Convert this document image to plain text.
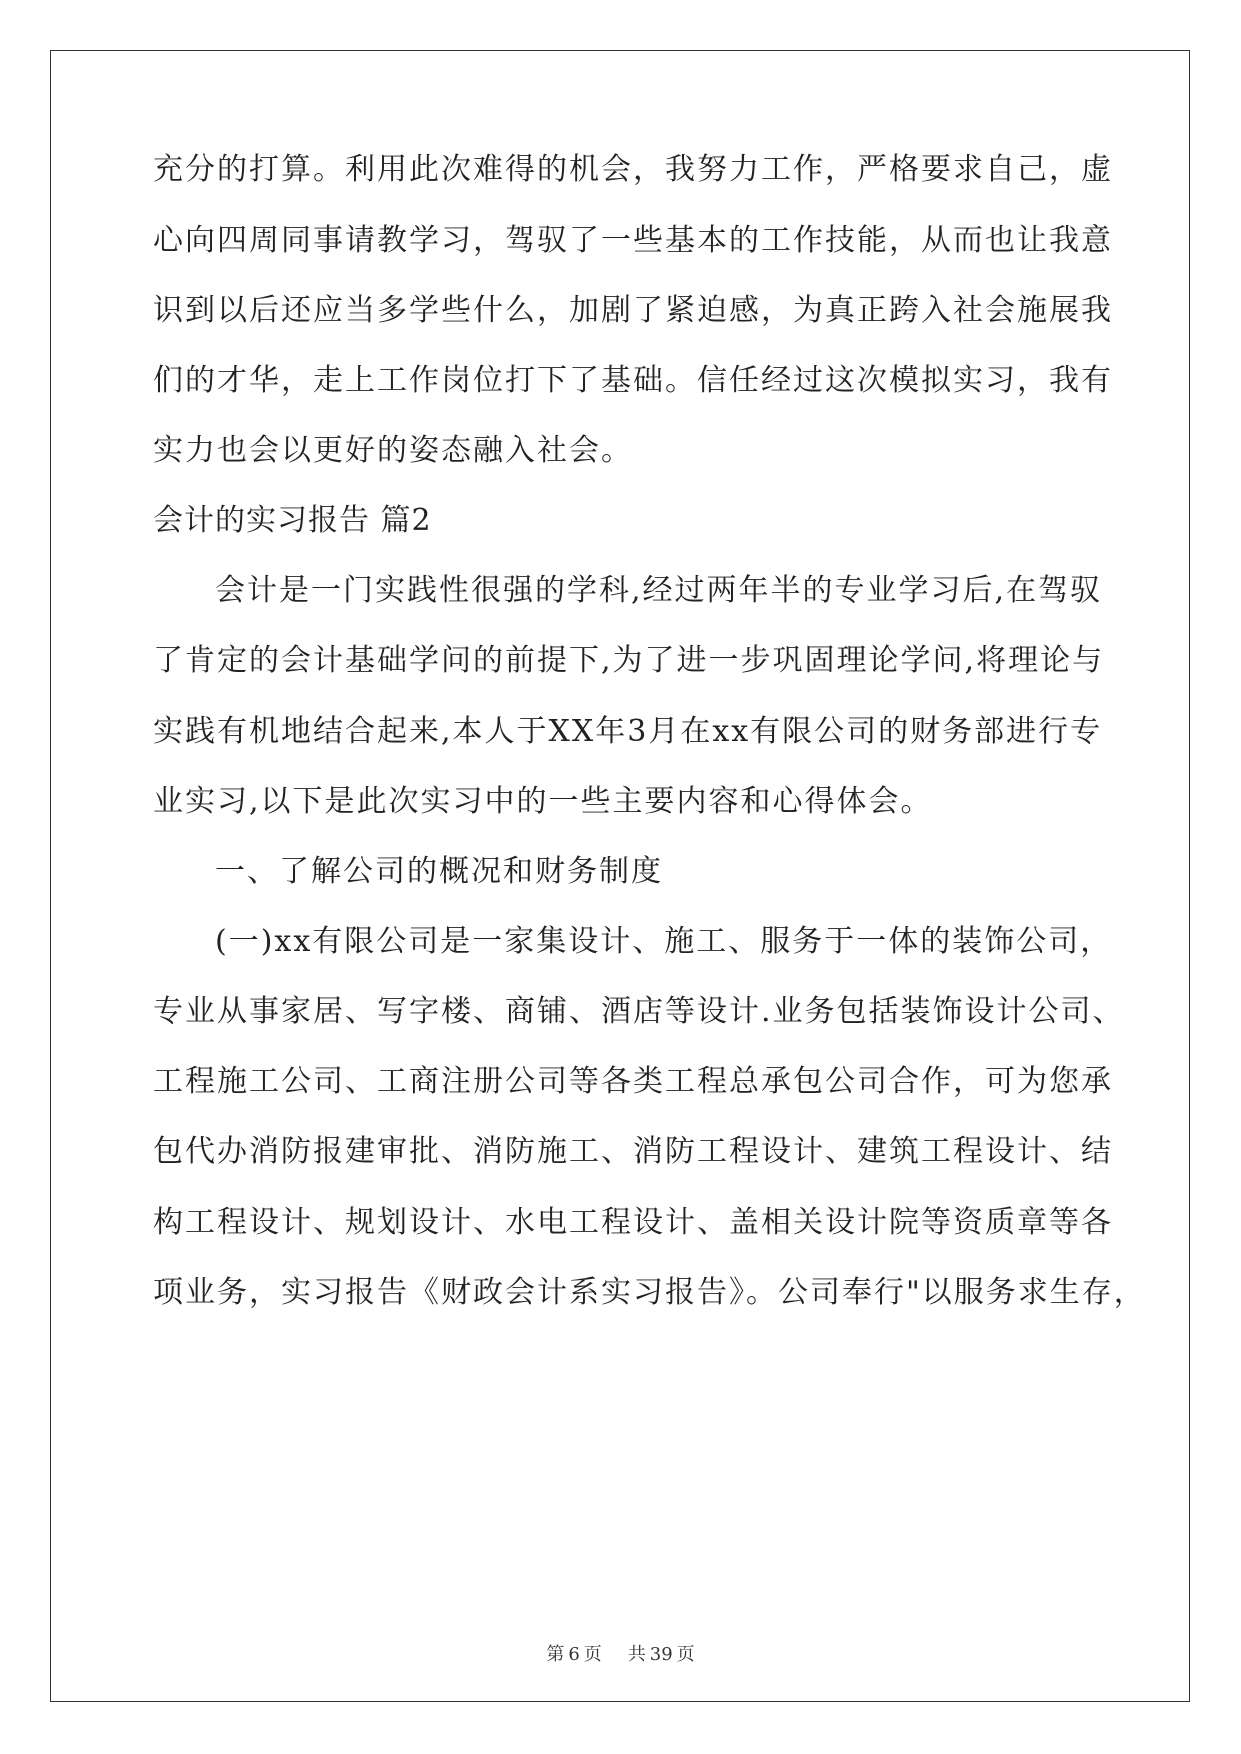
充分的打算。利用此次难得的机会，我努力工作，严格要求自己，虚
心向四周同事请教学习，驾驭了一些基本的工作技能，从而也让我意
识到以后还应当多学些什么，加剧了紧迫感，为真正跨入社会施展我
们的才华，走上工作岗位打下了基础。信任经过这次模拟实习，我有
实力也会以更好的姿态融入社会。
会计的实习报告 篇2
会计是一门实践性很强的学科,经过两年半的专业学习后,在驾驭
了肯定的会计基础学问的前提下,为了进一步巩固理论学问,将理论与
实践有机地结合起来,本人于XX年3月在xx有限公司的财务部进行专
业实习,以下是此次实习中的一些主要内容和心得体会。
一、了解公司的概况和财务制度
(一)xx有限公司是一家集设计、施工、服务于一体的装饰公司，
专业从事家居、写字楼、商铺、酒店等设计.业务包括装饰设计公司、
工程施工公司、工商注册公司等各类工程总承包公司合作，可为您承
包代办消防报建审批、消防施工、消防工程设计、建筑工程设计、结
构工程设计、规划设计、水电工程设计、盖相关设计院等资质章等各
项业务，实习报告《财政会计系实习报告》。公司奉行"以服务求生存，
第 6 页 共 39 页
